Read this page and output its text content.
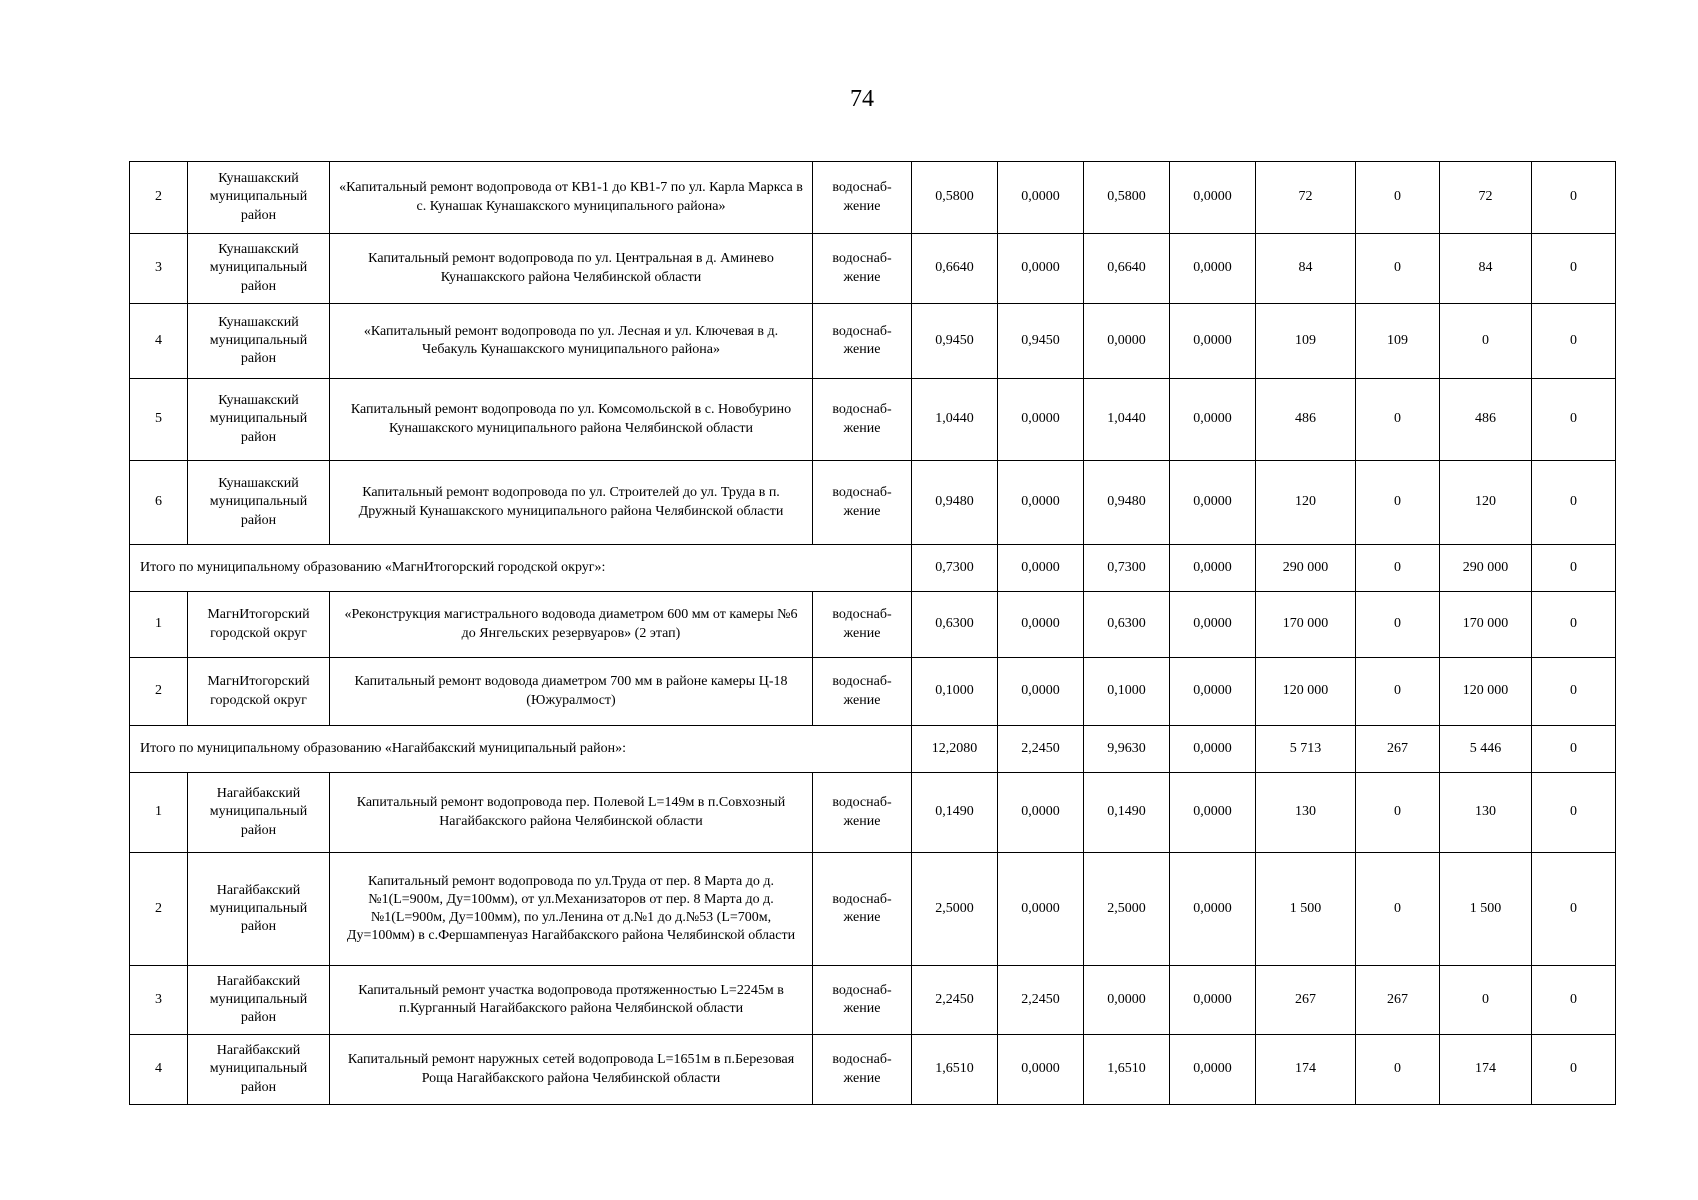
74
2	Кунашакский муниципальный район	«Капитальный ремонт водопровода от КВ1-1 до КВ1-7 по ул. Карла Маркса в с. Кунашак Кунашакского муниципального района»	водоснаб-жение	0,5800	0,0000	0,5800	0,0000	72	0	72	0
3	Кунашакский муниципальный район	Капитальный ремонт водопровода по ул. Центральная в д. Аминево Кунашакского района Челябинской области	водоснаб-жение	0,6640	0,0000	0,6640	0,0000	84	0	84	0
4	Кунашакский муниципальный район	«Капитальный ремонт водопровода по ул. Лесная и ул. Ключевая в д. Чебакуль Кунашакского муниципального района»	водоснаб-жение	0,9450	0,9450	0,0000	0,0000	109	109	0	0
5	Кунашакский муниципальный район	Капитальный ремонт водопровода по ул. Комсомольской в с. Новобурино Кунашакского муниципального района Челябинской области	водоснаб-жение	1,0440	0,0000	1,0440	0,0000	486	0	486	0
6	Кунашакский муниципальный район	Капитальный ремонт водопровода по ул. Строителей до ул. Труда в п. Дружный Кунашакского муниципального района Челябинской области	водоснаб-жение	0,9480	0,0000	0,9480	0,0000	120	0	120	0
Итого по муниципальному образованию «МагнИтогорский городской округ»:				0,7300	0,0000	0,7300	0,0000	290 000	0	290 000	0
1	МагнИтогорский городской округ	«Реконструкция магистрального водовода диаметром 600 мм от камеры №6 до Янгельских резервуаров» (2 этап)	водоснаб-жение	0,6300	0,0000	0,6300	0,0000	170 000	0	170 000	0
2	МагнИтогорский городской округ	Капитальный ремонт водовода диаметром 700 мм в районе камеры Ц-18 (Южуралмост)	водоснаб-жение	0,1000	0,0000	0,1000	0,0000	120 000	0	120 000	0
Итого по муниципальному образованию «Нагайбакский муниципальный район»:				12,2080	2,2450	9,9630	0,0000	5 713	267	5 446	0
1	Нагайбакский муниципальный район	Капитальный ремонт водопровода пер. Полевой L=149м в п.Совхозный Нагайбакского района Челябинской области	водоснаб-жение	0,1490	0,0000	0,1490	0,0000	130	0	130	0
2	Нагайбакский муниципальный район	Капитальный ремонт водопровода по ул.Труда от пер. 8 Марта до д. №1(L=900м, Ду=100мм), от ул.Механизаторов от пер. 8 Марта до д. №1(L=900м, Ду=100мм), по ул.Ленина от д.№1 до д.№53 (L=700м, Ду=100мм) в с.Фершампенуаз Нагайбакского района Челябинской области	водоснаб-жение	2,5000	0,0000	2,5000	0,0000	1 500	0	1 500	0
3	Нагайбакский муниципальный район	Капитальный ремонт участка водопровода протяженностью L=2245м в п.Курганный Нагайбакского района Челябинской области	водоснаб-жение	2,2450	2,2450	0,0000	0,0000	267	267	0	0
4	Нагайбакский муниципальный район	Капитальный ремонт наружных сетей водопровода L=1651м в п.Березовая Роща Нагайбакского района Челябинской области	водоснаб-жение	1,6510	0,0000	1,6510	0,0000	174	0	174	0
